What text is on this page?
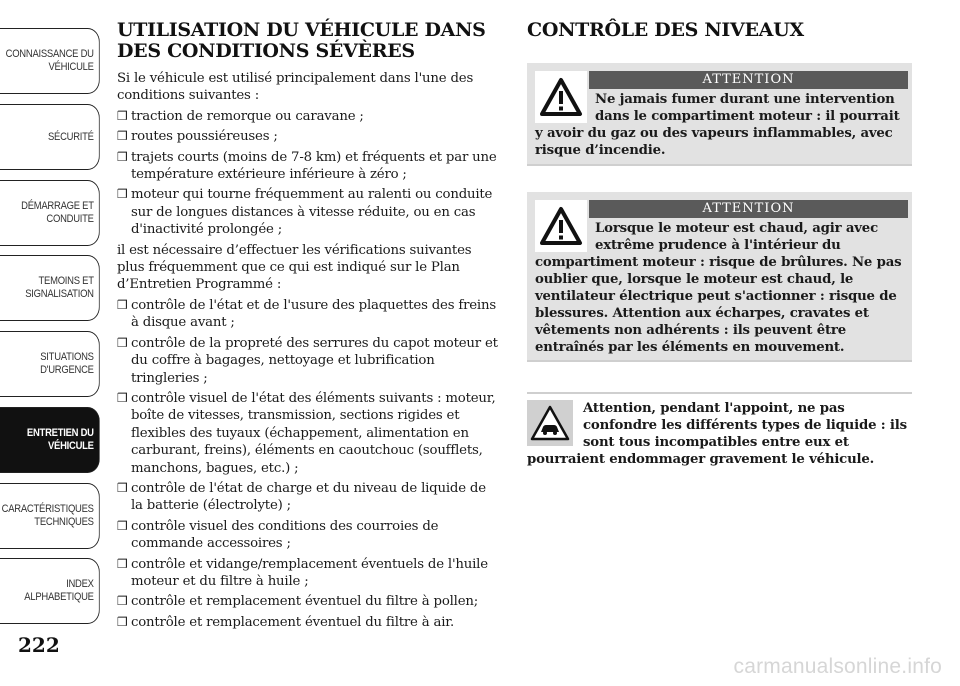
CONNAISSANCE DU
VÉHICULE
SÉCURITÉ
DÉMARRAGE ET
CONDUITE
TEMOINS ET
SIGNALISATION
SITUATIONS
D'URGENCE
ENTRETIEN DU
VÉHICULE
CARACTÉRISTIQUES
TECHNIQUES
INDEX
ALPHABETIQUE
222
UTILISATION DU VÉHICULE DANS DES CONDITIONS SÉVÈRES

Si le véhicule est utilisé principalement dans l'une des conditions suivantes :

❒ traction de remorque ou caravane ;
❒ routes poussiéreuses ;
❒ trajets courts (moins de 7-8 km) et fréquents et par une température extérieure inférieure à zéro ;
❒ moteur qui tourne fréquemment au ralenti ou conduite sur de longues distances à vitesse réduite, ou en cas d'inactivité prolongée ;

il est nécessaire d’effectuer les vérifications suivantes plus fréquemment que ce qui est indiqué sur le Plan d’Entretien Programmé :

❒ contrôle de l'état et de l'usure des plaquettes des freins à disque avant ;
❒ contrôle de la propreté des serrures du capot moteur et du coffre à bagages, nettoyage et lubrification tringleries ;
❒ contrôle visuel de l'état des éléments suivants : moteur, boîte de vitesses, transmission, sections rigides et flexibles des tuyaux (échappement, alimentation en carburant, freins), éléments en caoutchouc (soufflets, manchons, bagues, etc.) ;
❒ contrôle de l'état de charge et du niveau de liquide de la batterie (électrolyte) ;
❒ contrôle visuel des conditions des courroies de commande accessoires ;
❒ contrôle et vidange/remplacement éventuels de l'huile moteur et du filtre à huile ;
❒ contrôle et remplacement éventuel du filtre à pollen;
❒ contrôle et remplacement éventuel du filtre à air.
CONTRÔLE DES NIVEAUX
ATTENTION
Ne jamais fumer durant une intervention dans le compartiment moteur : il pourrait y avoir du gaz ou des vapeurs inflammables, avec risque d’incendie.
ATTENTION
Lorsque le moteur est chaud, agir avec extrême prudence à l'intérieur du compartiment moteur : risque de brûlures. Ne pas oublier que, lorsque le moteur est chaud, le ventilateur électrique peut s'actionner : risque de blessures. Attention aux écharpes, cravates et vêtements non adhérents : ils peuvent être entraînés par les éléments en mouvement.
Attention, pendant l'appoint, ne pas confondre les différents types de liquide : ils sont tous incompatibles entre eux et pourraient endommager gravement le véhicule.
carmanualsonline.info
